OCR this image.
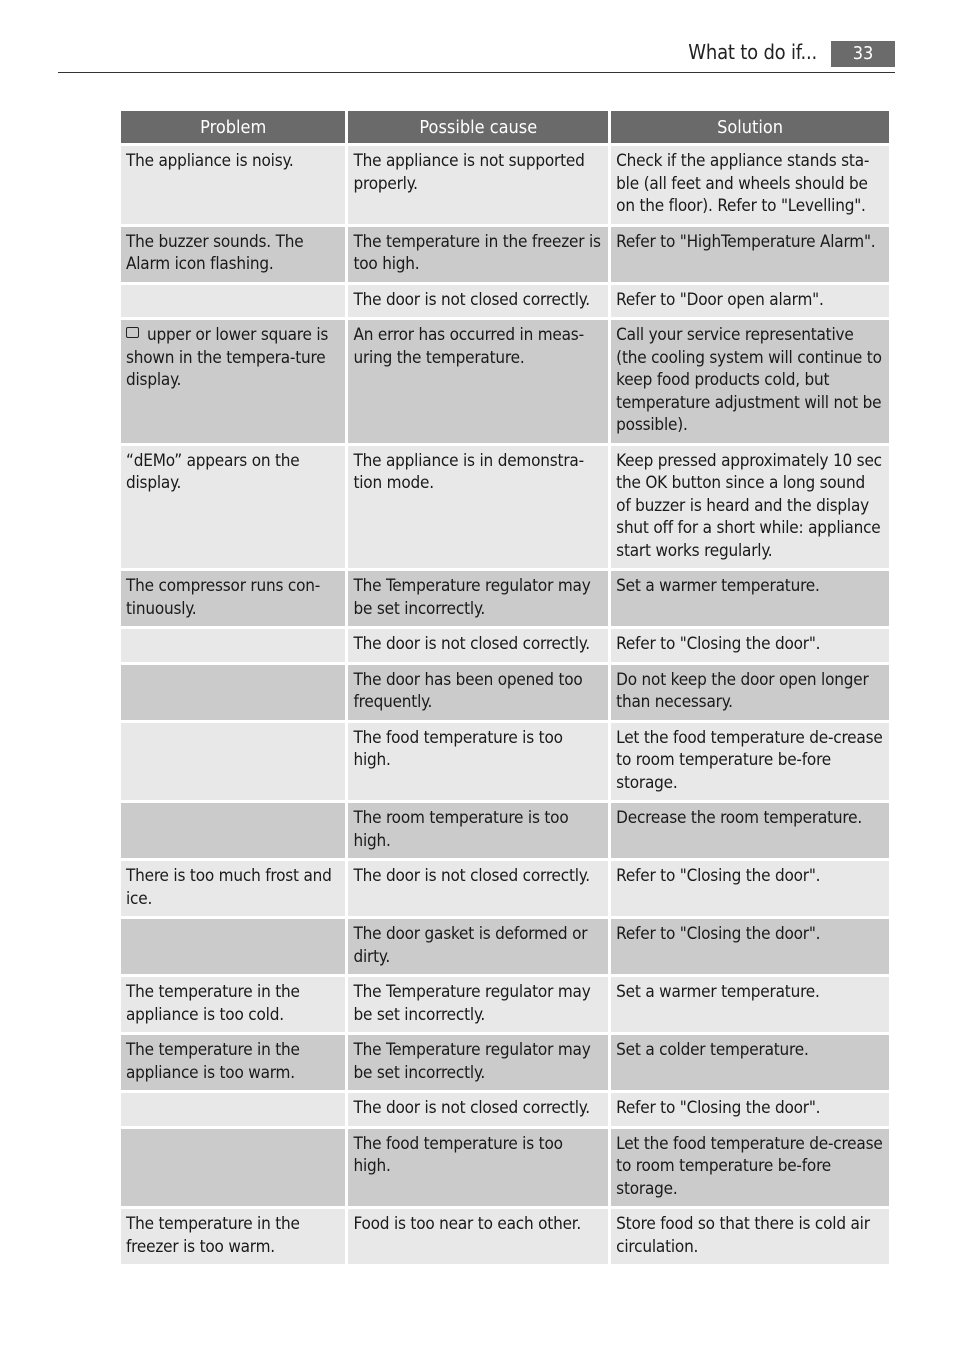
What to do if...	33
Problem	Possible cause	Solution
The appliance is noisy.	The appliance is not supported properly.	Check if the appliance stands sta-ble (all feet and wheels should be on the floor). Refer to "Levelling".
The buzzer sounds. The Alarm icon flashing.	The temperature in the freezer is too high.	Refer to "HighTemperature Alarm".
	The door is not closed correctly.	Refer to "Door open alarm".
upper or lower square is shown in the tempera-ture display.	An error has occurred in meas-uring the temperature.	Call your service representative (the cooling system will continue to keep food products cold, but temperature adjustment will not be possible).
“dEMo” appears on the display.	The appliance is in demonstra-tion mode.	Keep pressed approximately 10 sec the OK button since a long sound of buzzer is heard and the display shut off for a short while: appliance start works regularly.
The compressor runs con-tinuously.	The Temperature regulator may be set incorrectly.	Set a warmer temperature.
	The door is not closed correctly.	Refer to "Closing the door".
	The door has been opened too frequently.	Do not keep the door open longer than necessary.
	The food temperature is too high.	Let the food temperature de-crease to room temperature be-fore storage.
	The room temperature is too high.	Decrease the room temperature.
There is too much frost and ice.	The door is not closed correctly.	Refer to "Closing the door".
	The door gasket is deformed or dirty.	Refer to "Closing the door".
The temperature in the appliance is too cold.	The Temperature regulator may be set incorrectly.	Set a warmer temperature.
The temperature in the appliance is too warm.	The Temperature regulator may be set incorrectly.	Set a colder temperature.
	The door is not closed correctly.	Refer to "Closing the door".
	The food temperature is too high.	Let the food temperature de-crease to room temperature be-fore storage.
The temperature in the freezer is too warm.	Food is too near to each other.	Store food so that there is cold air circulation.
